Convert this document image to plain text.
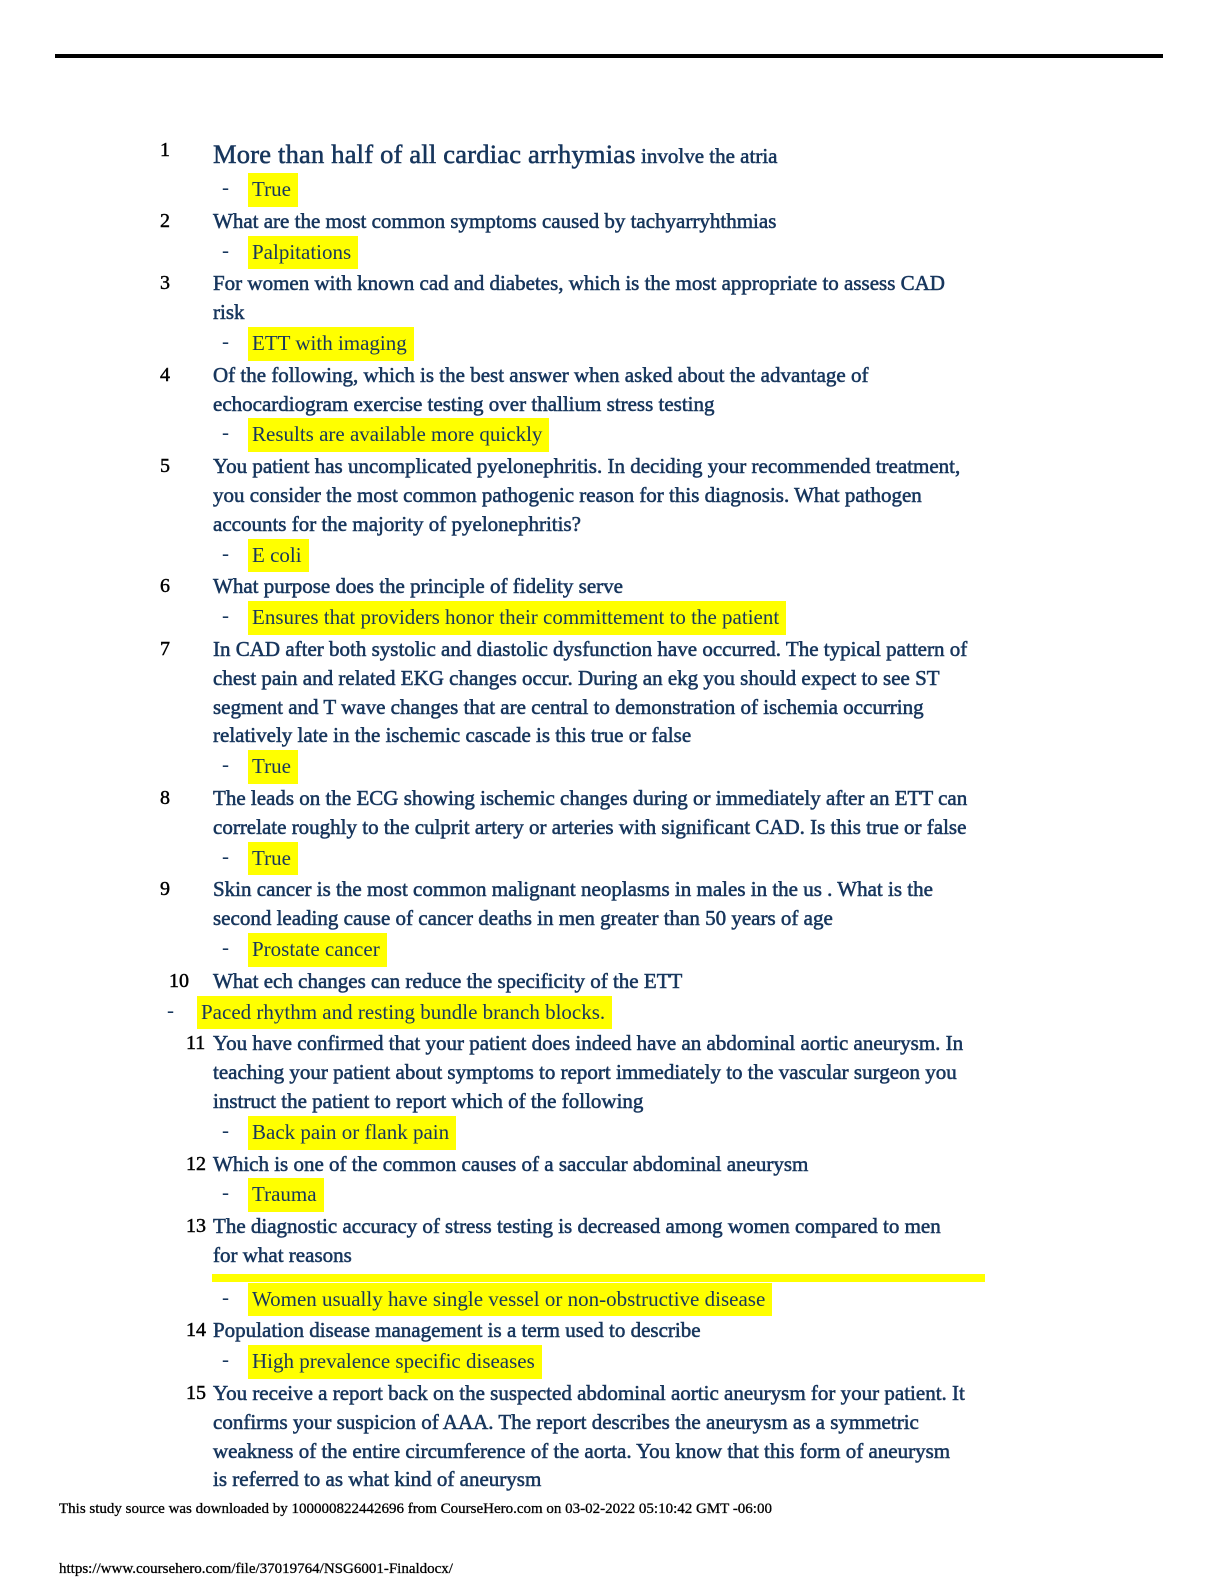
1	More than half of all cardiac arrhymias involve the atria
-	True
2	What are the most common symptoms caused by tachyarryhthmias
-	Palpitations
3	For women with known cad and diabetes, which is the most appropriate to assess CAD
risk
-	ETT with imaging
4	Of the following, which is the best answer when asked about the advantage of
echocardiogram exercise testing over thallium stress testing
-	Results are available more quickly
5	You patient has uncomplicated pyelonephritis. In deciding your recommended treatment,
you consider the most common pathogenic reason for this diagnosis. What pathogen
accounts for the majority of pyelonephritis?
-	E coli
6	What purpose does the principle of fidelity serve
-	Ensures that providers honor their committement to the patient
7	In CAD after both systolic and diastolic dysfunction have occurred. The typical pattern of
chest pain and related EKG changes occur. During an ekg you should expect to see ST
segment and T wave changes that are central to demonstration of ischemia occurring
relatively late in the ischemic cascade is this true or false
-	True
8	The leads on the ECG showing ischemic changes during or immediately after an ETT can
correlate roughly to the culprit artery or arteries with significant CAD. Is this true or false
-	True
9	Skin cancer is the most common malignant neoplasms in males in the us . What is the
second leading cause of cancer deaths in men greater than 50 years of age
-	Prostate cancer
10	What ech changes can reduce the specificity of the ETT
-	Paced rhythm and resting bundle branch blocks.
11 You have confirmed that your patient does indeed have an abdominal aortic aneurysm. In
teaching your patient about symptoms to report immediately to the vascular surgeon you
instruct the patient to report which of the following
-	Back pain or flank pain
12 Which is one of the common causes of a saccular abdominal aneurysm
-	Trauma
13 The diagnostic accuracy of stress testing is decreased among women compared to men
for what reasons
-	Women usually have single vessel or non-obstructive disease
14 Population disease management is a term used to describe
-	High prevalence specific diseases
15 You receive a report back on the suspected abdominal aortic aneurysm for your patient. It
confirms your suspicion of AAA. The report describes the aneurysm as a symmetric
weakness of the entire circumference of the aorta. You know that this form of aneurysm
is referred to as what kind of aneurysm
This study source was downloaded by 100000822442696 from CourseHero.com on 03-02-2022 05:10:42 GMT -06:00
https://www.coursehero.com/file/37019764/NSG6001-Finaldocx/
